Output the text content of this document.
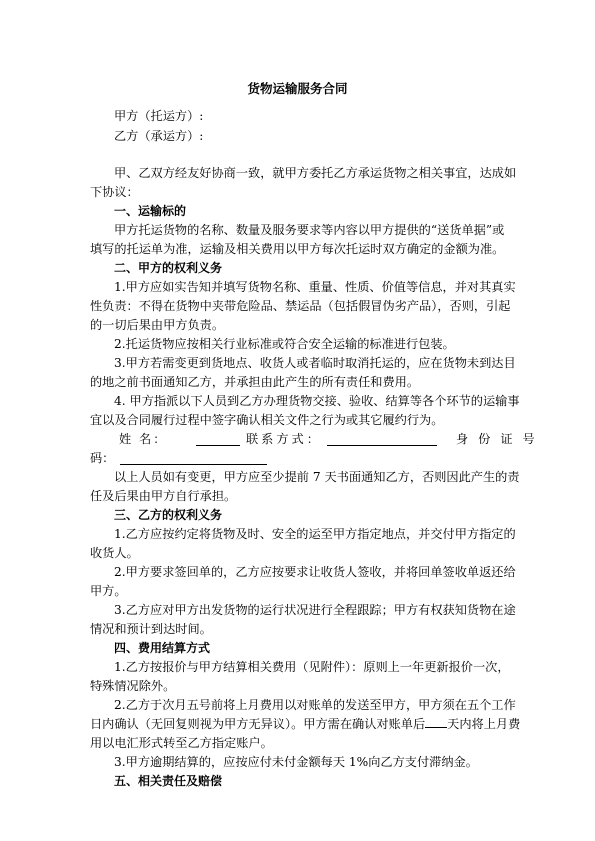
货物运输服务合同
甲方（托运方）:
乙方（承运方）:
甲、乙双方经友好协商一致，就甲方委托乙方承运货物之相关事宜，达成如
下协议：
一、运输标的
甲方托运货物的名称、数量及服务要求等内容以甲方提供的“送货单据”或
填写的托运单为准，运输及相关费用以甲方每次托运时双方确定的金额为准。
二、甲方的权利义务
1.甲方应如实告知并填写货物名称、重量、性质、价值等信息，并对其真实
性负责：不得在货物中夹带危险品、禁运品（包括假冒伪劣产品），否则，引起
的一切后果由甲方负责。
2.托运货物应按相关行业标准或符合安全运输的标准进行包装。
3.甲方若需变更到货地点、收货人或者临时取消托运的，应在货物未到达目
的地之前书面通知乙方，并承担由此产生的所有责任和费用。
4. 甲方指派以下人员到乙方办理货物交接、验收、结算等各个环节的运输事
宜以及合同履行过程中签字确认相关文件之行为或其它履约行为。
姓 名：	联系方式：	身份证号
码：
以上人员如有变更，甲方应至少提前 7 天书面通知乙方，否则因此产生的责
任及后果由甲方自行承担。
三、乙方的权利义务
1.乙方应按约定将货物及时、安全的运至甲方指定地点，并交付甲方指定的
收货人。
2.甲方要求签回单的，乙方应按要求让收货人签收，并将回单签收单返还给
甲方。
3.乙方应对甲方出发货物的运行状况进行全程跟踪；甲方有权获知货物在途
情况和预计到达时间。
四、费用结算方式
1.乙方按报价与甲方结算相关费用（见附件）：原则上一年更新报价一次，
特殊情况除外。
2.乙方于次月五号前将上月费用以对账单的发送至甲方，甲方须在五个工作
日内确认（无回复则视为甲方无异议）。甲方需在确认对账单后 天内将上月费
用以电汇形式转至乙方指定账户。
3.甲方逾期结算的，应按应付未付金额每天 1%向乙方支付滞纳金。
五、相关责任及赔偿
